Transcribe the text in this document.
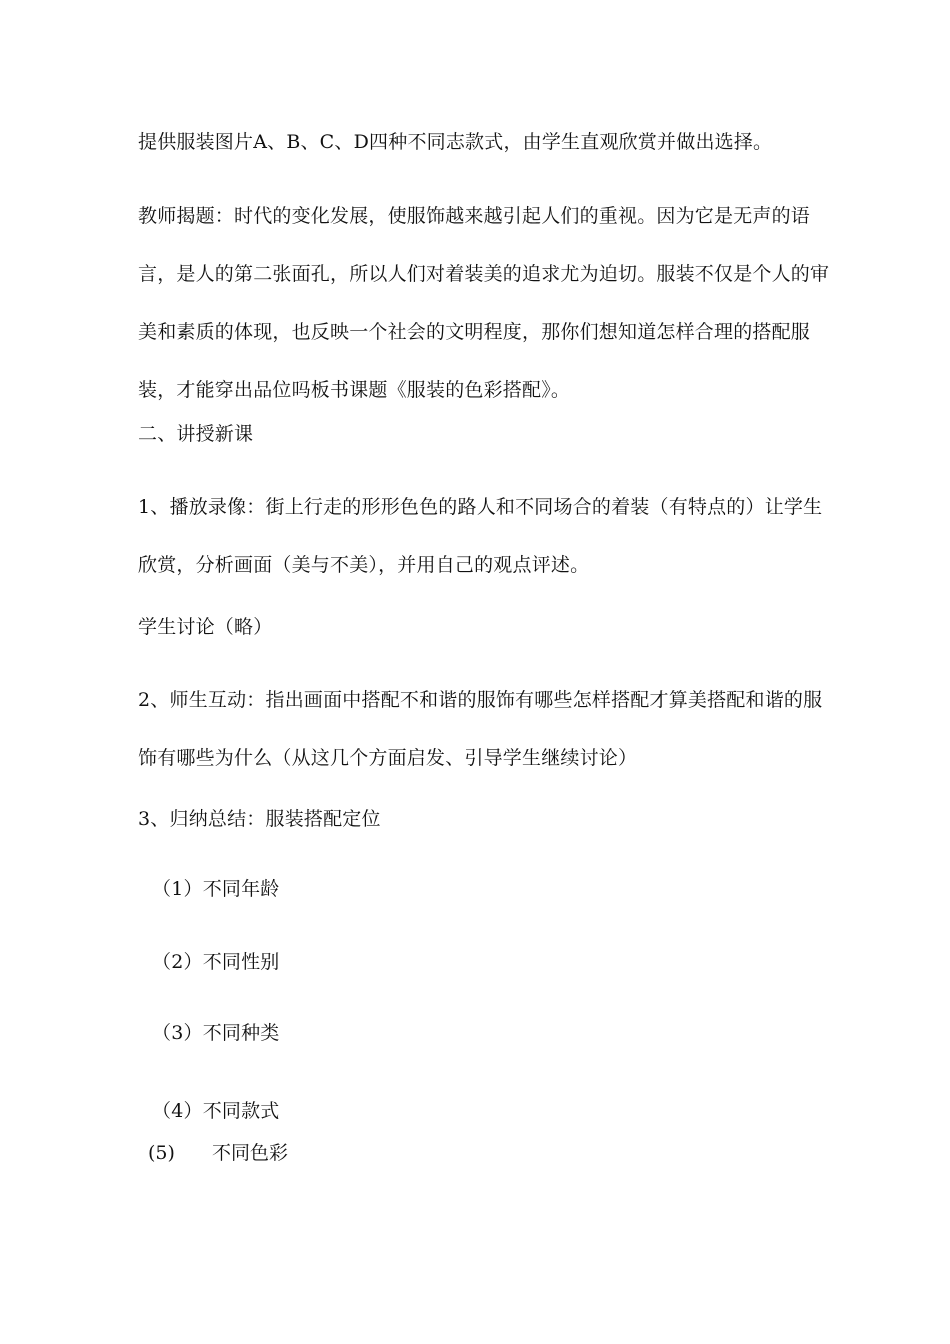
提供服装图片A、B、C、D四种不同志款式，由学生直观欣赏并做出选择。
教师揭题：时代的变化发展，使服饰越来越引起人们的重视。因为它是无声的语言，是人的第二张面孔，所以人们对着装美的追求尤为迫切。服装不仅是个人的审美和素质的体现，也反映一个社会的文明程度，那你们想知道怎样合理的搭配服装，才能穿出品位吗板书课题《服装的色彩搭配》。
二、讲授新课
1、播放录像：街上行走的形形色色的路人和不同场合的着装（有特点的）让学生欣赏，分析画面（美与不美），并用自己的观点评述。
学生讨论（略）
2、师生互动：指出画面中搭配不和谐的服饰有哪些怎样搭配才算美搭配和谐的服饰有哪些为什么（从这几个方面启发、引导学生继续讨论）
3、归纳总结：服装搭配定位
（1）不同年龄
（2）不同性别
（3）不同种类
（4）不同款式
(5) 不同色彩
